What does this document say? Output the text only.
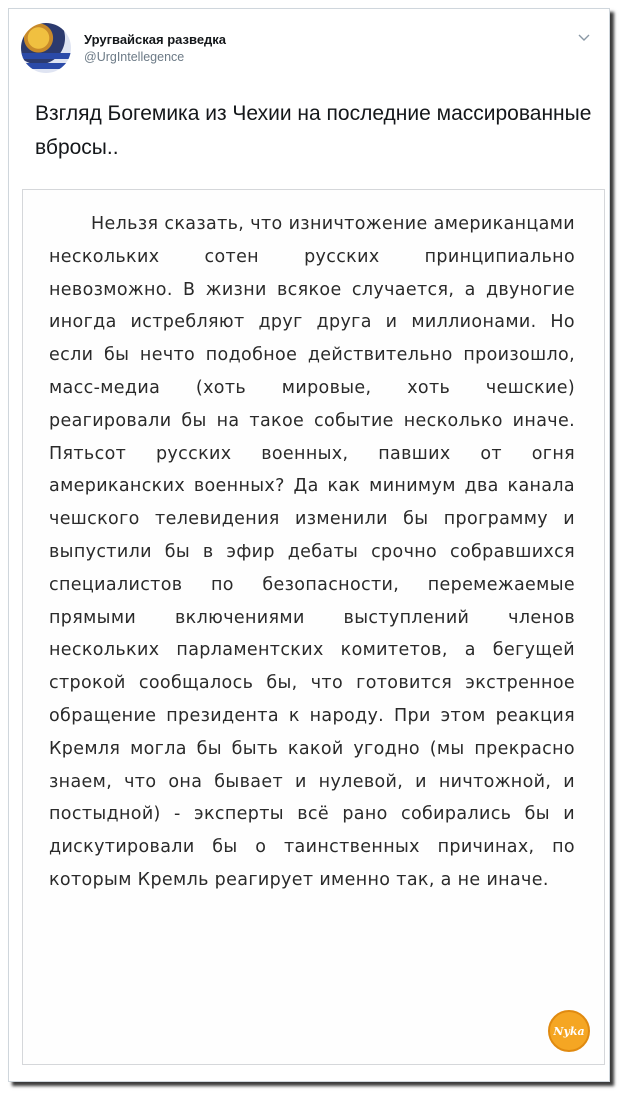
Уругвайская разведка
@UrgIntellegence
Взгляд Богемика из Чехии на последние массированные вбросы..
Нельзя сказать, что изничтожение американцами нескольких сотен русских принципиально невозможно. В жизни всякое случается, а двуногие иногда истребляют друг друга и миллионами. Но если бы нечто подобное действительно произошло, масс-медиа (хоть мировые, хоть чешские) реагировали бы на такое событие несколько иначе. Пятьсот русских военных, павших от огня американских военных? Да как минимум два канала чешского телевидения изменили бы программу и выпустили бы в эфир дебаты срочно собравшихся специалистов по безопасности, перемежаемые прямыми включениями выступлений членов нескольких парламентских комитетов, а бегущей строкой сообщалось бы, что готовится экстренное обращение президента к народу. При этом реакция Кремля могла бы быть какой угодно (мы прекрасно знаем, что она бывает и нулевой, и ничтожной, и постыдной) - эксперты всё рано собирались бы и дискутировали бы о таинственных причинах, по которым Кремль реагирует именно так, а не иначе.
Nyka
